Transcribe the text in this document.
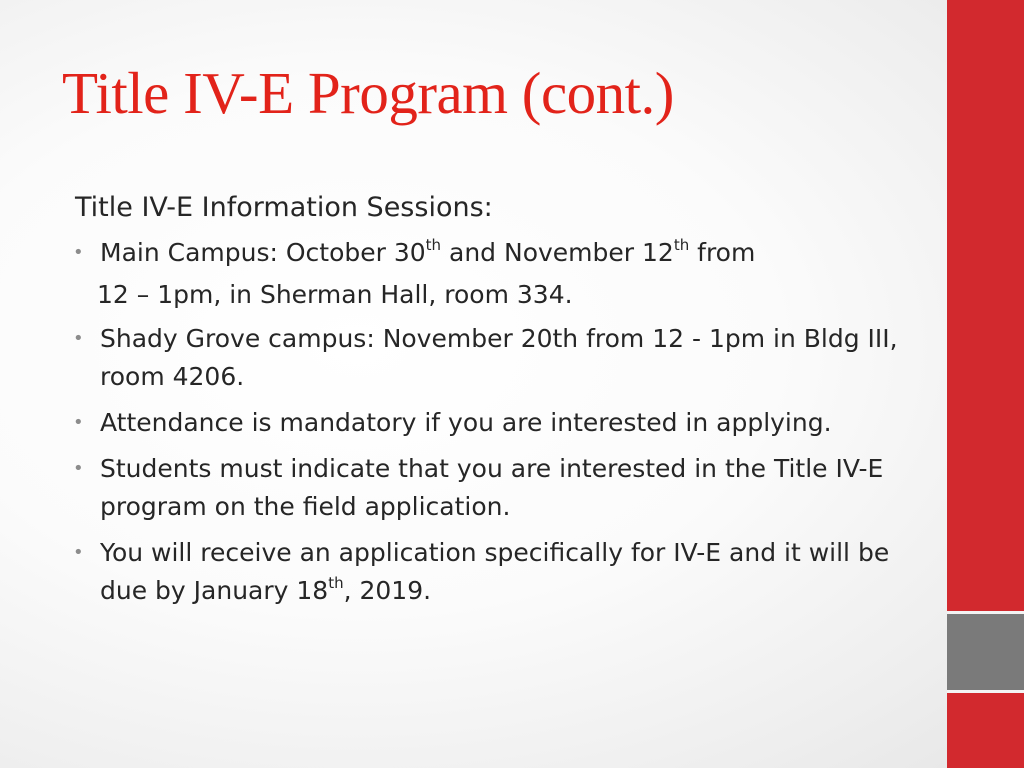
Title IV-E Program (cont.)
Title IV-E Information Sessions:
• Main Campus: October 30th and November 12th from
12 – 1pm, in Sherman Hall, room 334.
• Shady Grove campus: November 20th from 12 - 1pm in Bldg III, room 4206.
• Attendance is mandatory if you are interested in applying.
• Students must indicate that you are interested in the Title IV-E program on the field application.
• You will receive an application specifically for IV-E and it will be due by January 18th, 2019.
